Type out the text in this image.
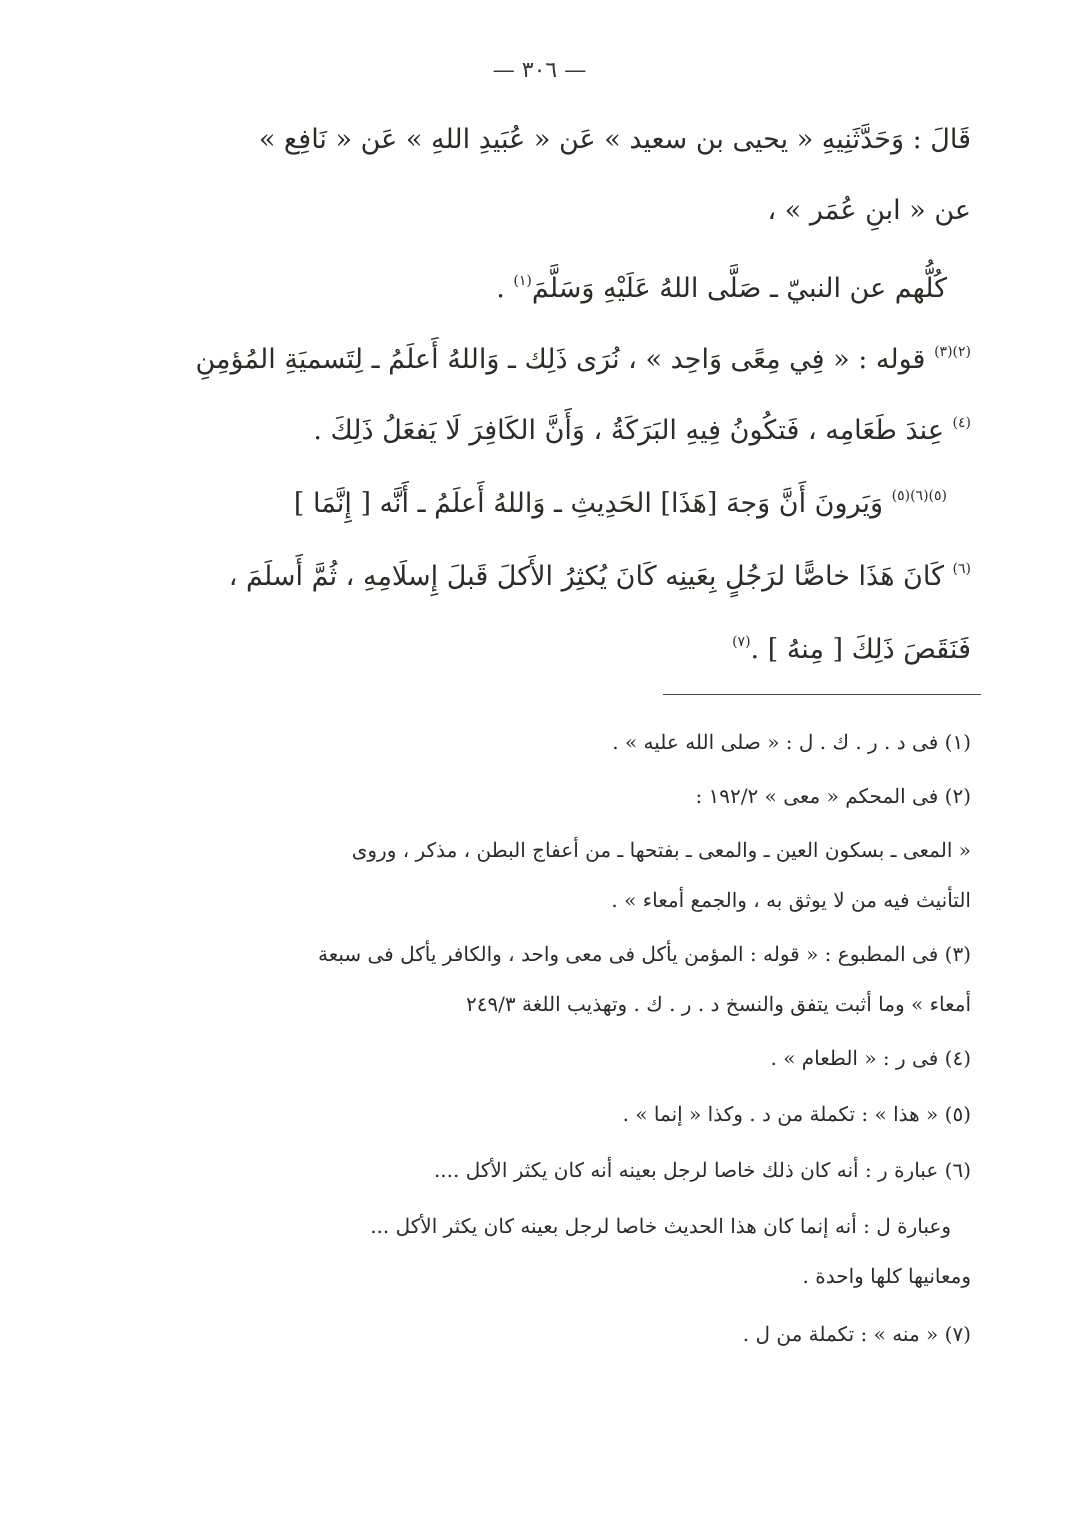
— ٣٠٦ —
قَالَ : وَحَدَّثَنِيهِ « يحيى بن سعيد » عَن « عُبَيدِ اللهِ » عَن « نَافِع »
عن « ابنِ عُمَر » ،
كُلُّهم عن النبيّ ـ صَلَّى اللهُ عَلَيْهِ وَسَلَّمَ$^{(١)}$ .
$^{(٢)(٣)}$ قوله : « فِي مِعًى وَاحِد » ، نُرَى ذَلِك ـ وَاللهُ أَعلَمُ ـ لِتَسميَةِ المُؤمِنِ
$^{(٤)}$ عِندَ طَعَامِه ، فَتكُونُ فِيهِ البَرَكَةُ ، وَأَنَّ الكَافِرَ لَا يَفعَلُ ذَلِكَ .
$^{(٥)(٦)(٥)}$ وَيَرونَ أَنَّ وَجهَ [هَذَا] الحَدِيثِ ـ وَاللهُ أَعلَمُ ـ أَنَّه [ إِنَّمَا ]
$^{(٦)}$ كَانَ هَذَا خاصًّا لرَجُلٍ بِعَينِه كَانَ يُكثِرُ الأَكلَ قَبلَ إِسلَامِهِ ، ثُمَّ أَسلَمَ ،
فَنَقَصَ ذَلِكَ [ مِنهُ ] .$^{(٧)}$
(١) فى د . ر . ك . ل : « صلى الله عليه » .
(٢) فى المحكم « معى » ١٩٢/٢ :
« المعى ـ بسكون العين ـ والمعى ـ بفتحها ـ من أعفاج البطن ، مذكر ، وروى
التأنيث فيه من لا يوثق به ، والجمع أمعاء » .
(٣) فى المطبوع : « قوله : المؤمن يأكل فى معى واحد ، والكافر يأكل فى سبعة
أمعاء » وما أثبت يتفق والنسخ د . ر . ك . وتهذيب اللغة ٢٤٩/٣
(٤) فى ر : « الطعام » .
(٥) « هذا » : تكملة من د . وكذا « إنما » .
(٦) عبارة ر : أنه كان ذلك خاصا لرجل بعينه أنه كان يكثر الأكل ....
وعبارة ل : أنه إنما كان هذا الحديث خاصا لرجل بعينه كان يكثر الأكل ...
ومعانيها كلها واحدة .
(٧) « منه » : تكملة من ل .
